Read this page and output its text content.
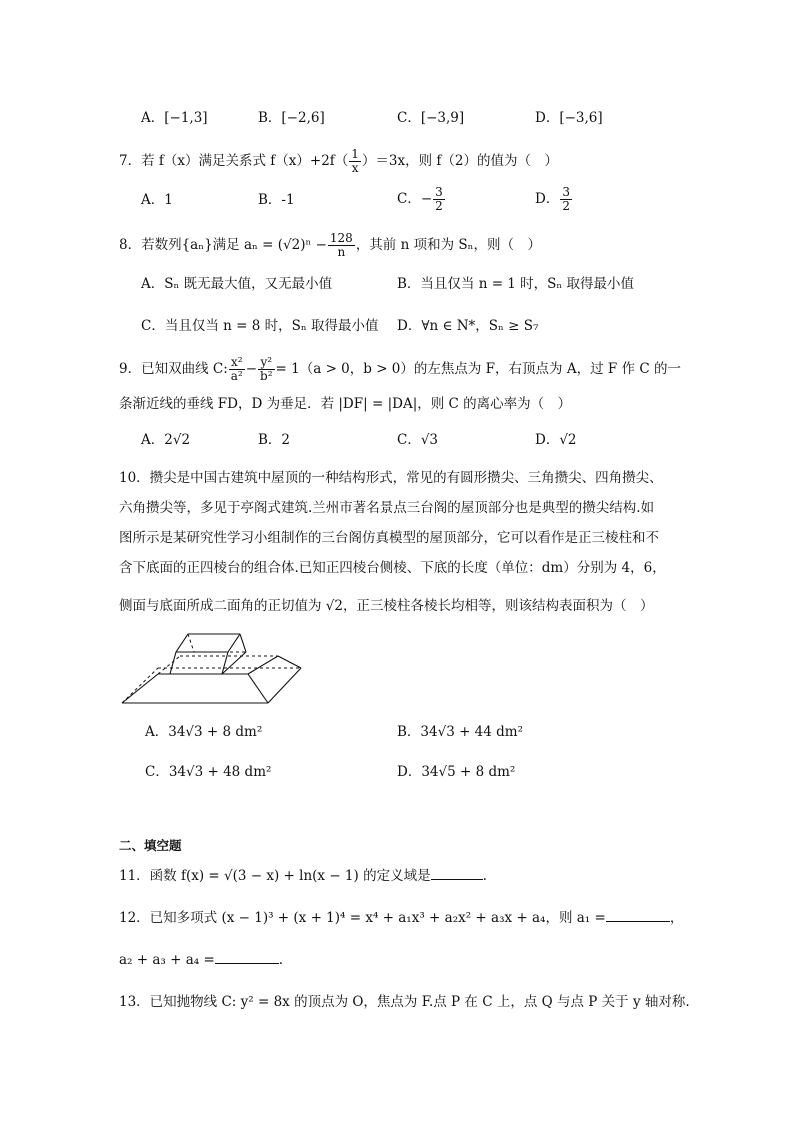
A．[−1,3]	B．[−2,6]	C．[−3,9]	D．[−3,6]
7．若 f（x）满足关系式 $f(x)+2f( \frac{1}{x} )=3x$，则 f（2）的值为（　）
A．1	B．-1	C．− $\frac{3}{2}$	D． $\frac{3}{2}$
8．若数列{aₙ}满足 $a_n = (√2)^n - \frac{128}{n}$ ，其前 n 项和为 Sₙ，则（　）
A．Sₙ 既无最大值，又无最小值	B．当且仅当 n = 1 时，Sₙ 取得最小值
C．当且仅当 n = 8 时，Sₙ 取得最小值 D．∀n ∈ N*，Sₙ ≥ S₇
9．已知双曲线 C: $\frac{\text{x²}}{\text{a²}} - \frac{\text{y²}}{\text{b²}} = 1(a > 0$，b > 0）的左焦点为 F，右顶点为 A，过 F 作 C 的一
条渐近线的垂线 FD，D 为垂足．若 |DF| = |DA|，则 C 的离心率为（　）
A．2√2	B．2	C．√3	D．√2
10．攒尖是中国古建筑中屋顶的一种结构形式，常见的有圆形攒尖、三角攒尖、四角攒尖、
六角攒尖等，多见于亭阁式建筑.兰州市著名景点三台阁的屋顶部分也是典型的攒尖结构.如
图所示是某研究性学习小组制作的三台阁仿真模型的屋顶部分，它可以看作是正三棱柱和不
含下底面的正四棱台的组合体.已知正四棱台侧棱、下底的长度（单位：dm）分别为 4，6，
侧面与底面所成二面角的正切值为 √2，正三棱柱各棱长均相等，则该结构表面积为（　）
A．34√3 + 8 dm²	B．34√3 + 44 dm²
C．34√3 + 48 dm²	D．34√5 + 8 dm²
二、填空题
11．函数 f(x) = √(3 − x) + ln(x − 1) 的定义域是	.
12．已知多项式 (x − 1)³ + (x + 1)⁴ = x⁴ + a₁x³ + a₂x² + a₃x + a₄，则 a₁ =	，
a₂ + a₃ + a₄ =	.
13．已知抛物线 C: y² = 8x 的顶点为 O，焦点为 F.点 P 在 C 上，点 Q 与点 P 关于 y 轴对称.
